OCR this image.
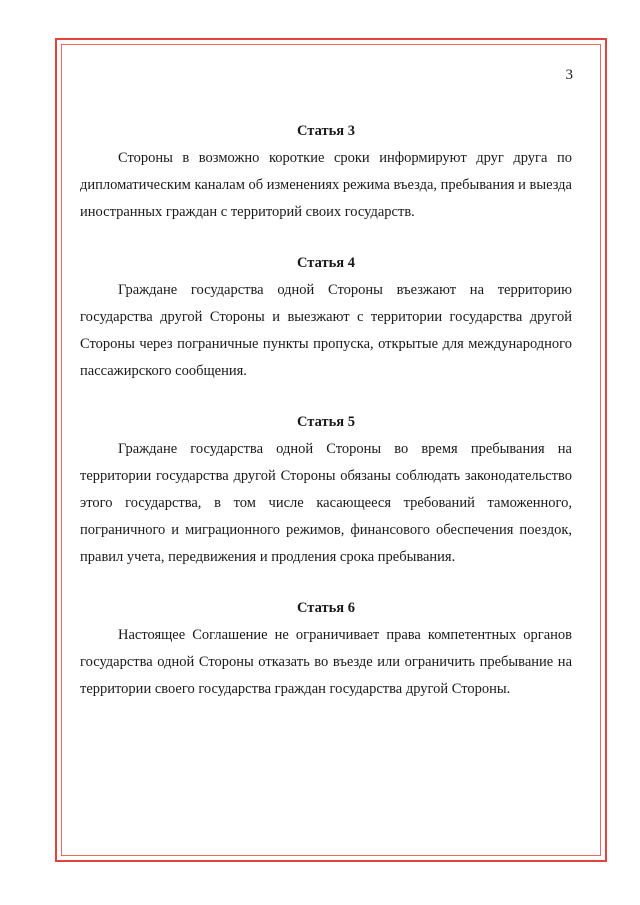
3
Статья 3

Стороны в возможно короткие сроки информируют друг друга по дипломатическим каналам об изменениях режима въезда, пребывания и выезда иностранных граждан с территорий своих государств.

Статья 4

Граждане государства одной Стороны въезжают на территорию государства другой Стороны и выезжают с территории государства другой Стороны через пограничные пункты пропуска, открытые для международного пассажирского сообщения.

Статья 5

Граждане государства одной Стороны во время пребывания на территории государства другой Стороны обязаны соблюдать законодательство этого государства, в том числе касающееся требований таможенного, пограничного и миграционного режимов, финансового обеспечения поездок, правил учета, передвижения и продления срока пребывания.

Статья 6

Настоящее Соглашение не ограничивает права компетентных органов государства одной Стороны отказать во въезде или ограничить пребывание на территории своего государства граждан государства другой Стороны.
